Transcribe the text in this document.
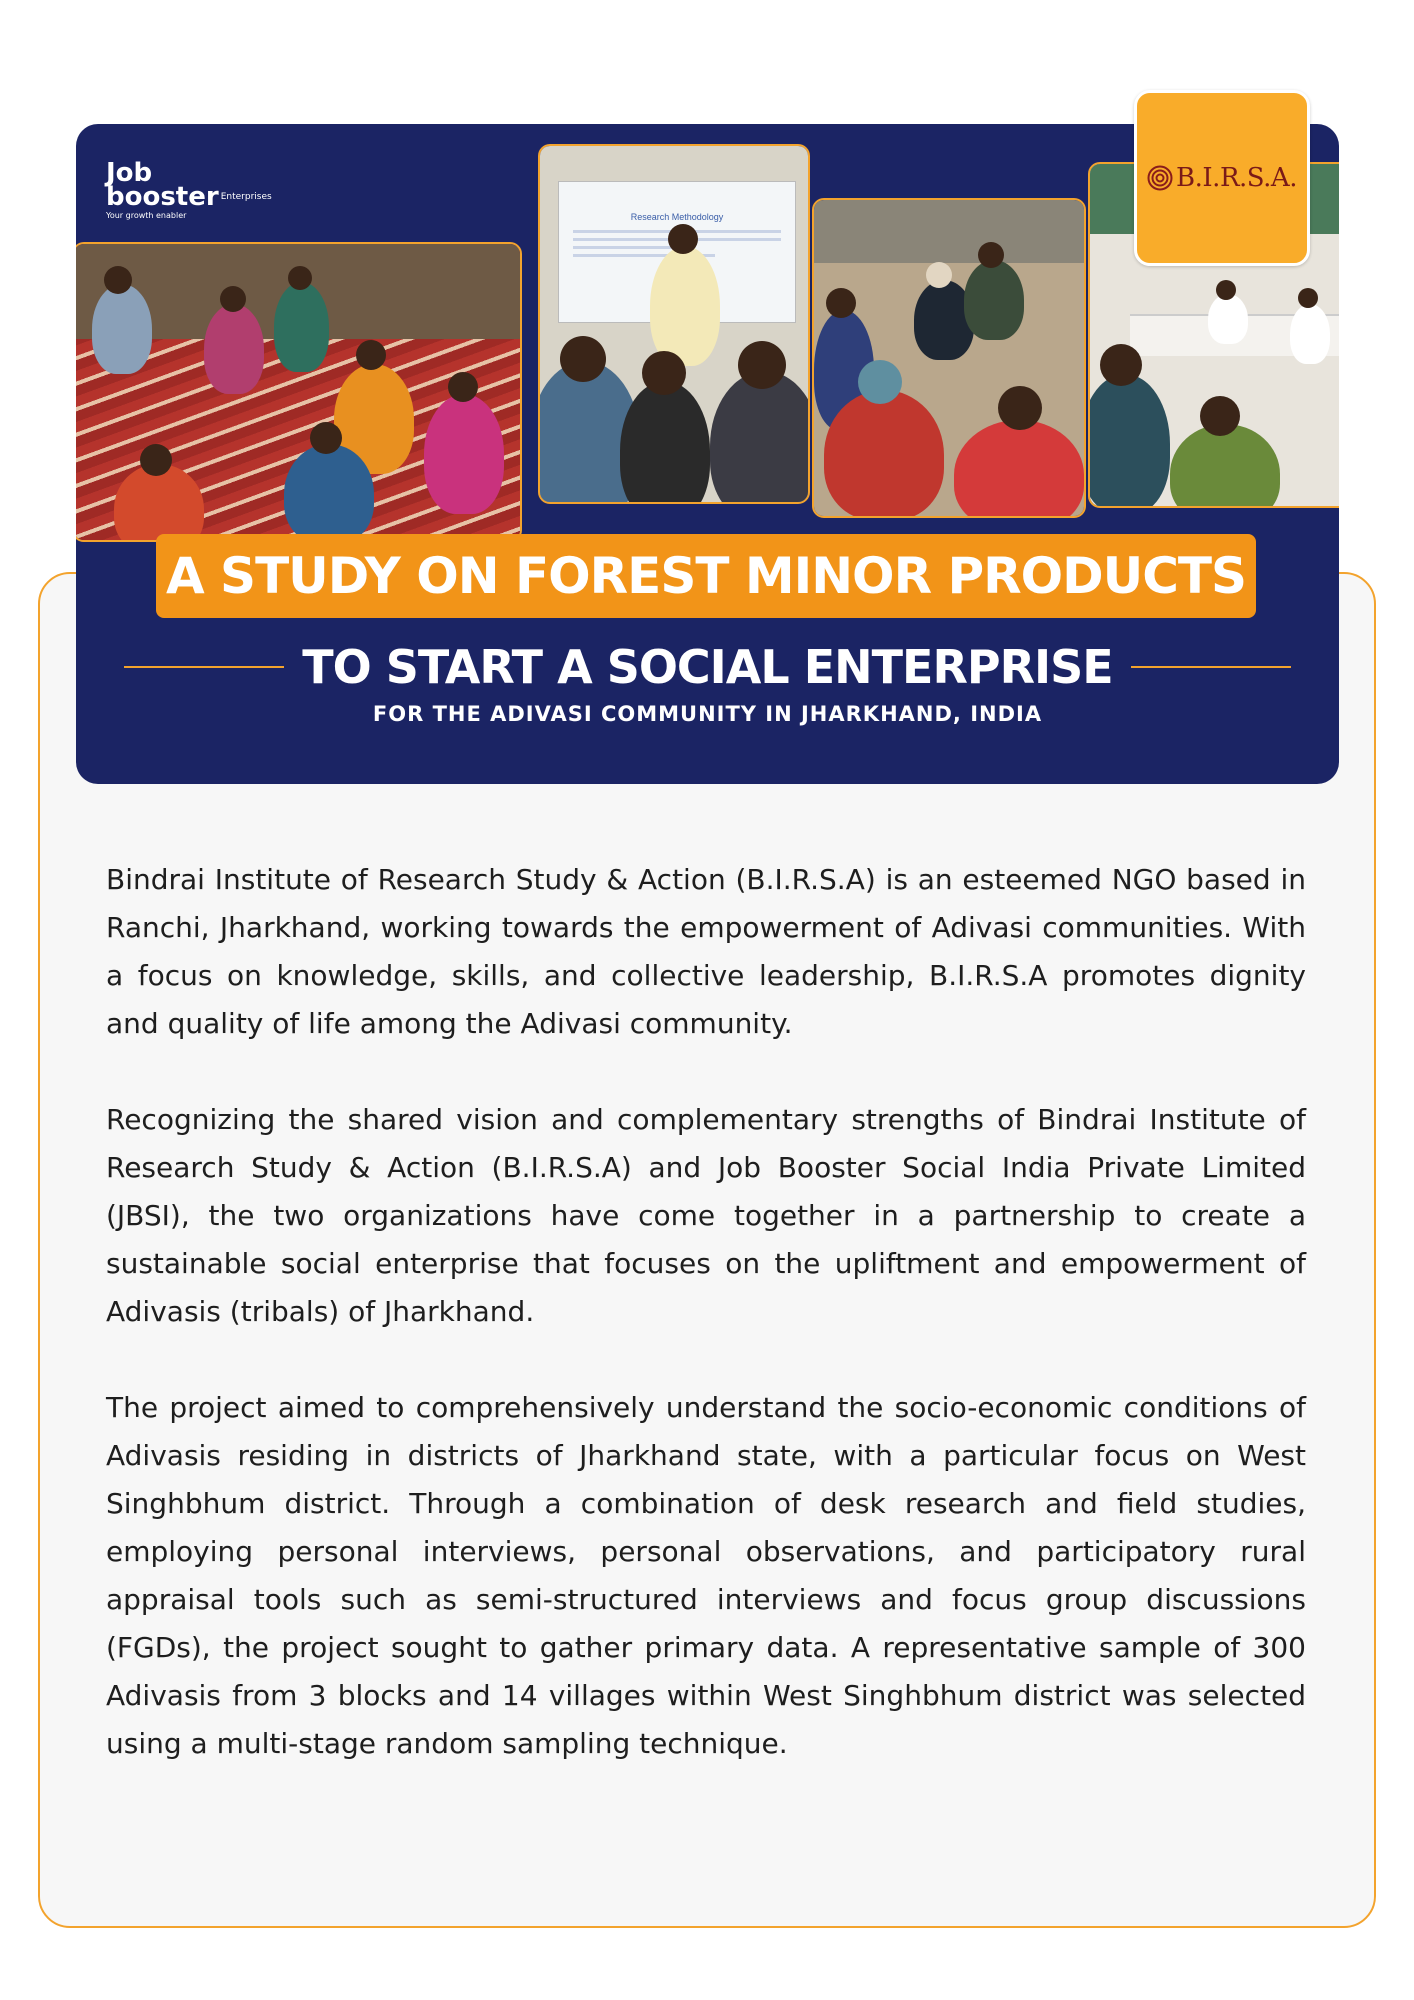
Job
booster Enterprises
Your growth enabler	Research Methodology
A STUDY ON FOREST MINOR PRODUCTS
TO START A SOCIAL ENTERPRISE
FOR THE ADIVASI COMMUNITY IN JHARKHAND, INDIA
B.I.R.S.A.

Bindrai Institute of Research Study & Action (B.I.R.S.A) is an esteemed NGO based in Ranchi, Jharkhand, working towards the empowerment of Adivasi communities. With a focus on knowledge, skills, and collective leadership, B.I.R.S.A promotes dignity and quality of life among the Adivasi community.

Recognizing the shared vision and complementary strengths of Bindrai Institute of Research Study & Action (B.I.R.S.A) and Job Booster Social India Private Limited (JBSI), the two organizations have come together in a partnership to create a sustainable social enterprise that focuses on the upliftment and empowerment of Adivasis (tribals) of Jharkhand.

The project aimed to comprehensively understand the socio-economic conditions of Adivasis residing in districts of Jharkhand state, with a particular focus on West Singhbhum district. Through a combination of desk research and field studies, employing personal interviews, personal observations, and participatory rural appraisal tools such as semi-structured interviews and focus group discussions (FGDs), the project sought to gather primary data. A representative sample of 300 Adivasis from 3 blocks and 14 villages within West Singhbhum district was selected using a multi-stage random sampling technique.
